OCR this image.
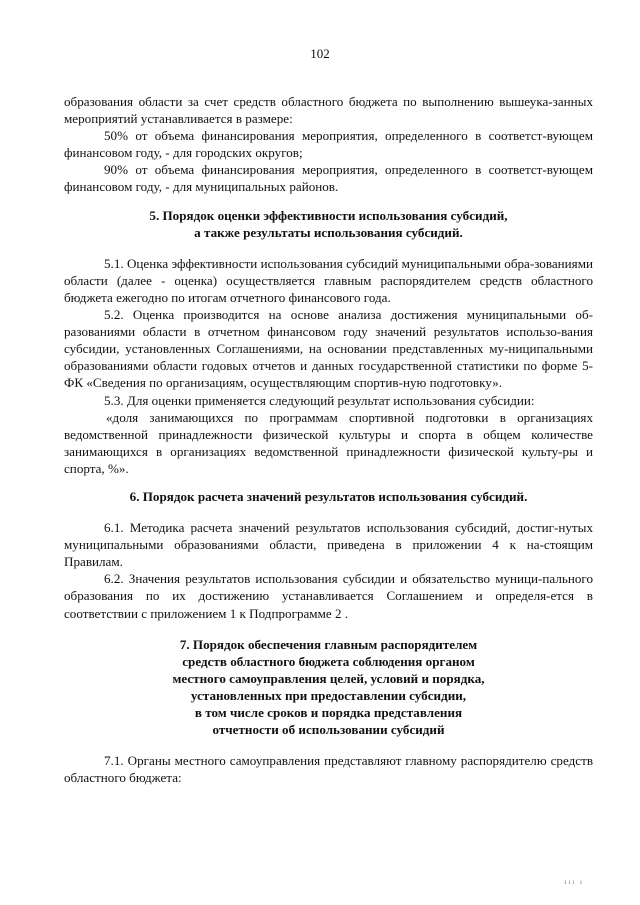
102

образования области за счет средств областного бюджета по выполнению вышеука-занных мероприятий устанавливается в размере:

50% от объема финансирования мероприятия, определенного в соответст-вующем финансовом году, - для городских округов;

90% от объема финансирования мероприятия, определенного в соответст-вующем финансовом году, - для муниципальных районов.

5. Порядок оценки эффективности использования субсидий,
а также результаты использования субсидий.

5.1. Оценка эффективности использования субсидий муниципальными обра-зованиями области (далее - оценка) осуществляется главным распорядителем средств областного бюджета ежегодно по итогам отчетного финансового года.

5.2. Оценка производится на основе анализа достижения муниципальными об-разованиями области в отчетном финансовом году значений результатов использо-вания субсидии, установленных Соглашениями, на основании представленных му-ниципальными образованиями области годовых отчетов и данных государственной статистики по форме 5-ФК «Сведения по организациям, осуществляющим спортив-ную подготовку».

5.3. Для оценки применяется следующий результат использования субсидии:

«доля занимающихся по программам спортивной подготовки в организациях ведомственной принадлежности физической культуры и спорта в общем количестве занимающихся в организациях ведомственной принадлежности физической культу-ры и спорта, %».

6. Порядок расчета значений результатов использования субсидий.

6.1. Методика расчета значений результатов использования субсидий, достиг-нутых муниципальными образованиями области, приведена в приложении 4 к на-стоящим Правилам.

6.2. Значения результатов использования субсидии и обязательство муници-пального образования по их достижению устанавливается Соглашением и определя-ется в соответствии с приложением 1 к Подпрограмме 2 .

7. Порядок обеспечения главным распорядителем
средств областного бюджета соблюдения органом
местного самоуправления целей, условий и порядка,
установленных при предоставлении субсидии,
в том числе сроков и порядка представления
отчетности об использовании субсидий

7.1. Органы местного самоуправления представляют главному распорядителю средств областного бюджета:

ııı ı
